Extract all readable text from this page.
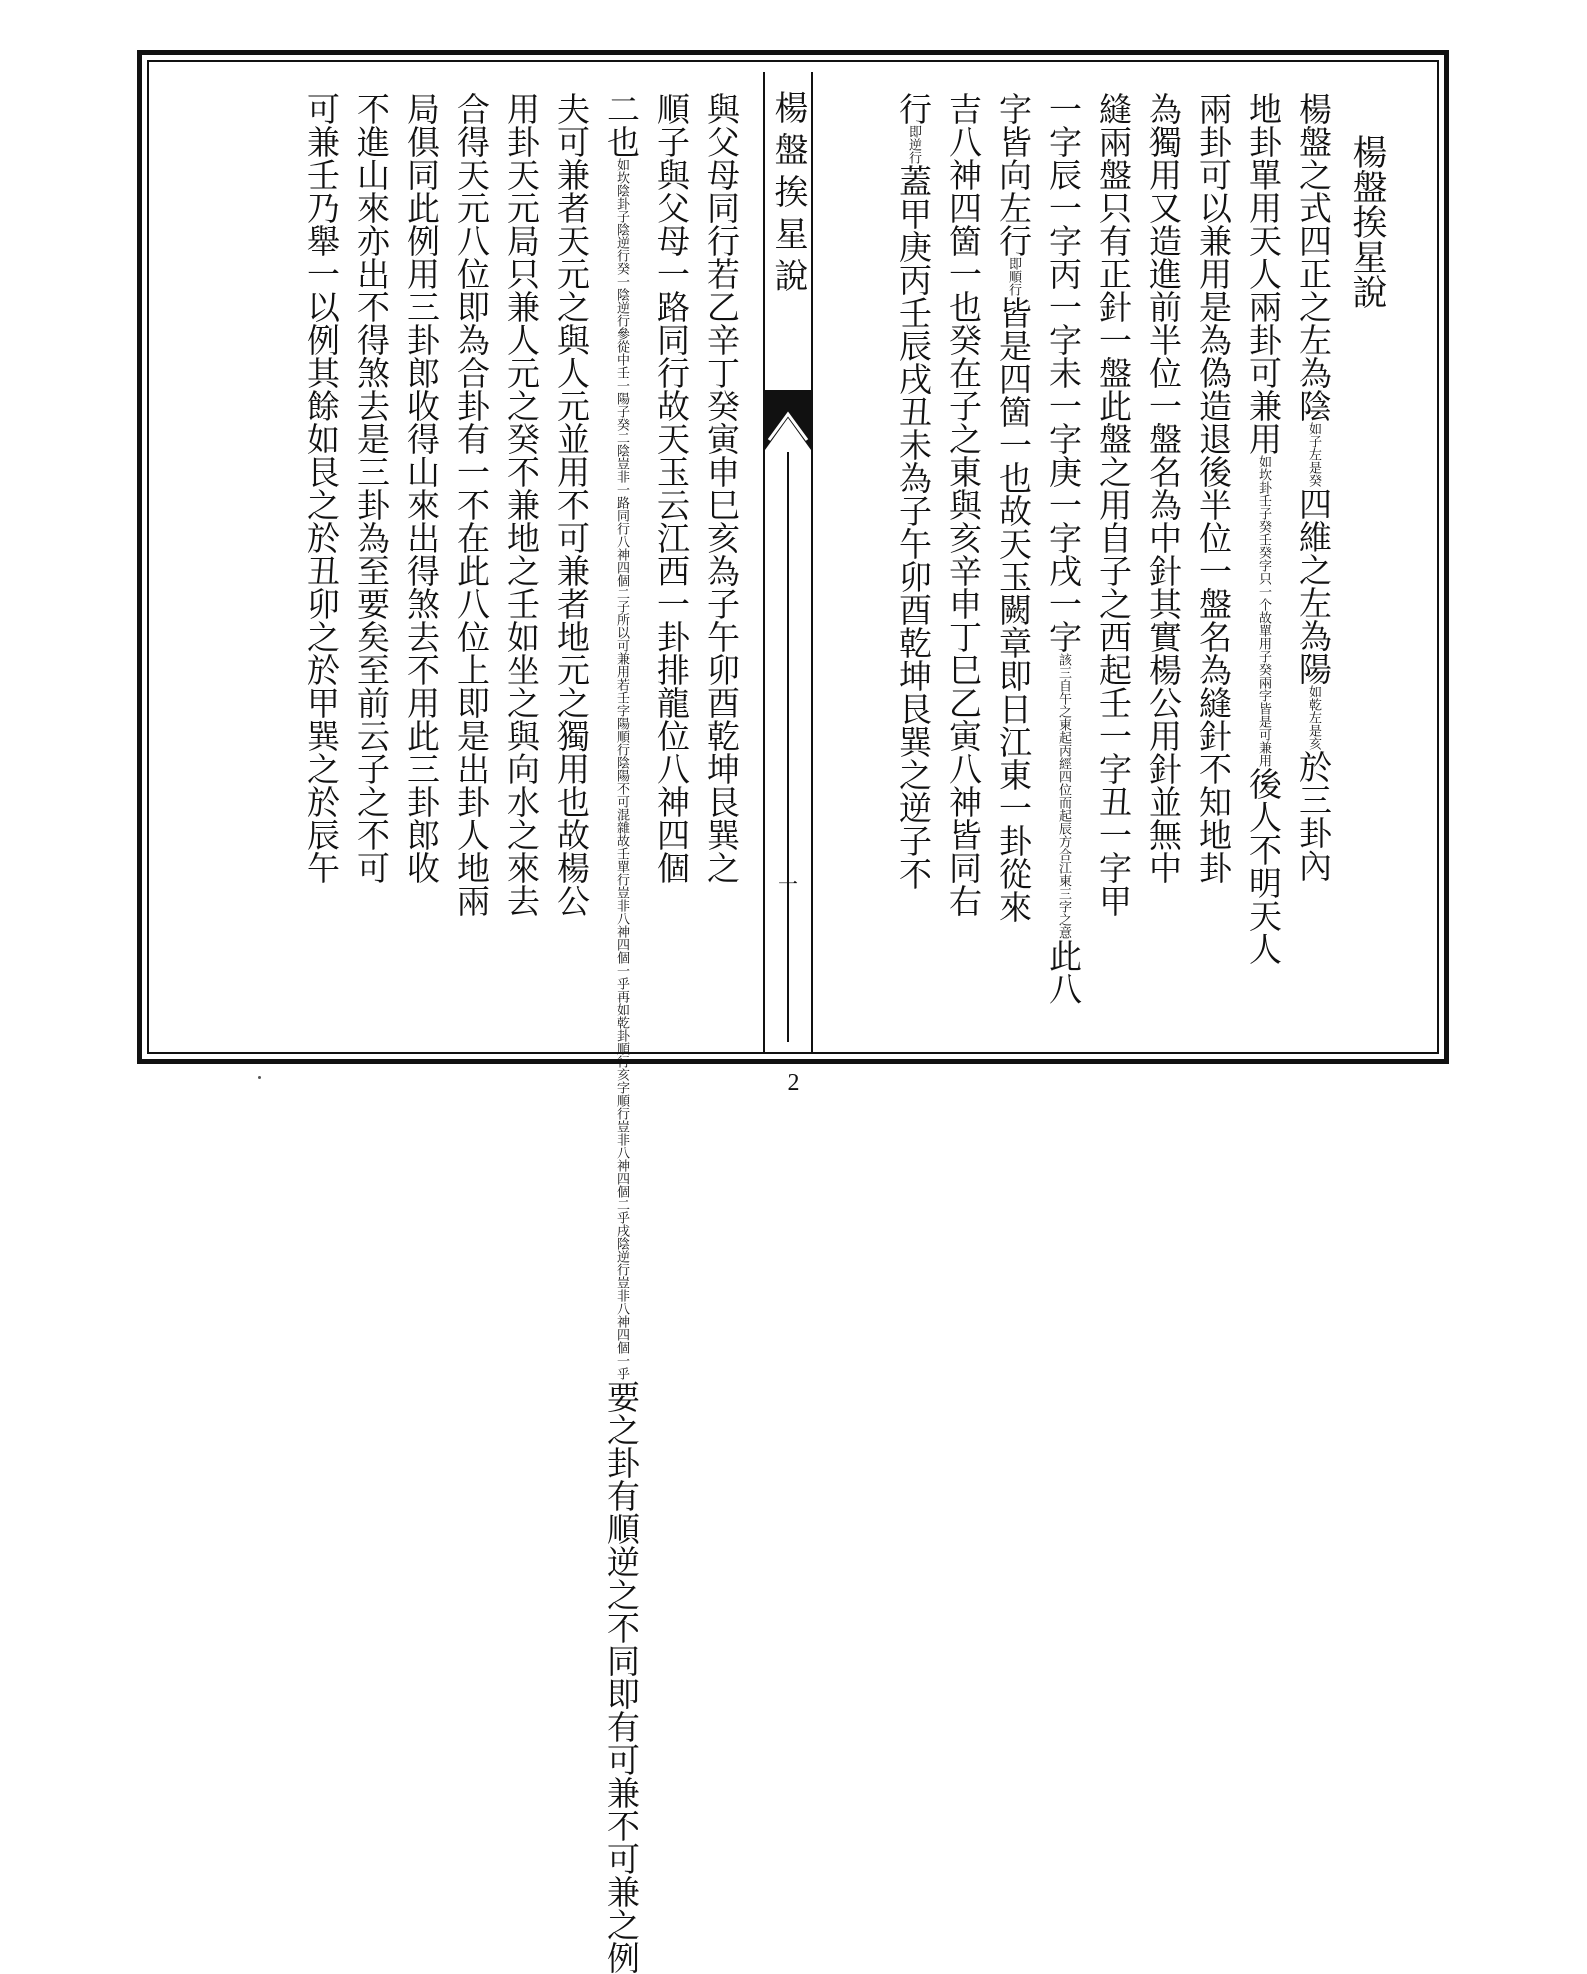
楊盤挨星說
一
楊盤挨星說
楊盤之式四正之左為陰如子左是癸四維之左為陽如乾左是亥於三卦內
地卦單用天人兩卦可兼用如坎卦壬子癸壬癸字只一个故單用子癸兩字皆是可兼用後人不明天人
兩卦可以兼用是為偽造退後半位一盤名為縫針不知地卦
為獨用又造進前半位一盤名為中針其實楊公用針並無中
縫兩盤只有正針一盤此盤之用自子之西起壬一字丑一字甲
一字辰一字丙一字未一字庚一字戌一字該三自午之東起丙經四位而起辰方合江東三字之意此八
字皆向左行即順行皆是四箇一也故天玉闕章即日江東一卦從來
吉八神四箇一也癸在子之東與亥辛申丁巳乙寅八神皆同右
行即逆行蓋甲庚丙壬辰戌丑未為子午卯酉乾坤艮巽之逆子不
與父母同行若乙辛丁癸寅申巳亥為子午卯酉乾坤艮巽之
順子與父母一路同行故天玉云江西一卦排龍位八神四個
二也如坎陰卦子陰逆行癸一陰逆行參從中壬一陽子癸二陰豈非一路同行八神四個二子所以可兼用若壬字陽順行陰陽不可混雜故壬單行豈非八神四個一乎再如乾卦順行亥字順行豈非八神四個二乎戌陰逆行豈非八神四個一乎要之卦有順逆之不同即有可兼不可兼之例
夫可兼者天元之與人元並用不可兼者地元之獨用也故楊公
用卦天元局只兼人元之癸不兼地之壬如坐之與向水之來去
合得天元八位即為合卦有一不在此八位上即是出卦人地兩
局俱同此例用三卦郎收得山來出得煞去不用此三卦郎收
不進山來亦出不得煞去是三卦為至要矣至前云子之不可
可兼壬乃舉一以例其餘如艮之於丑卯之於甲巽之於辰午
2
